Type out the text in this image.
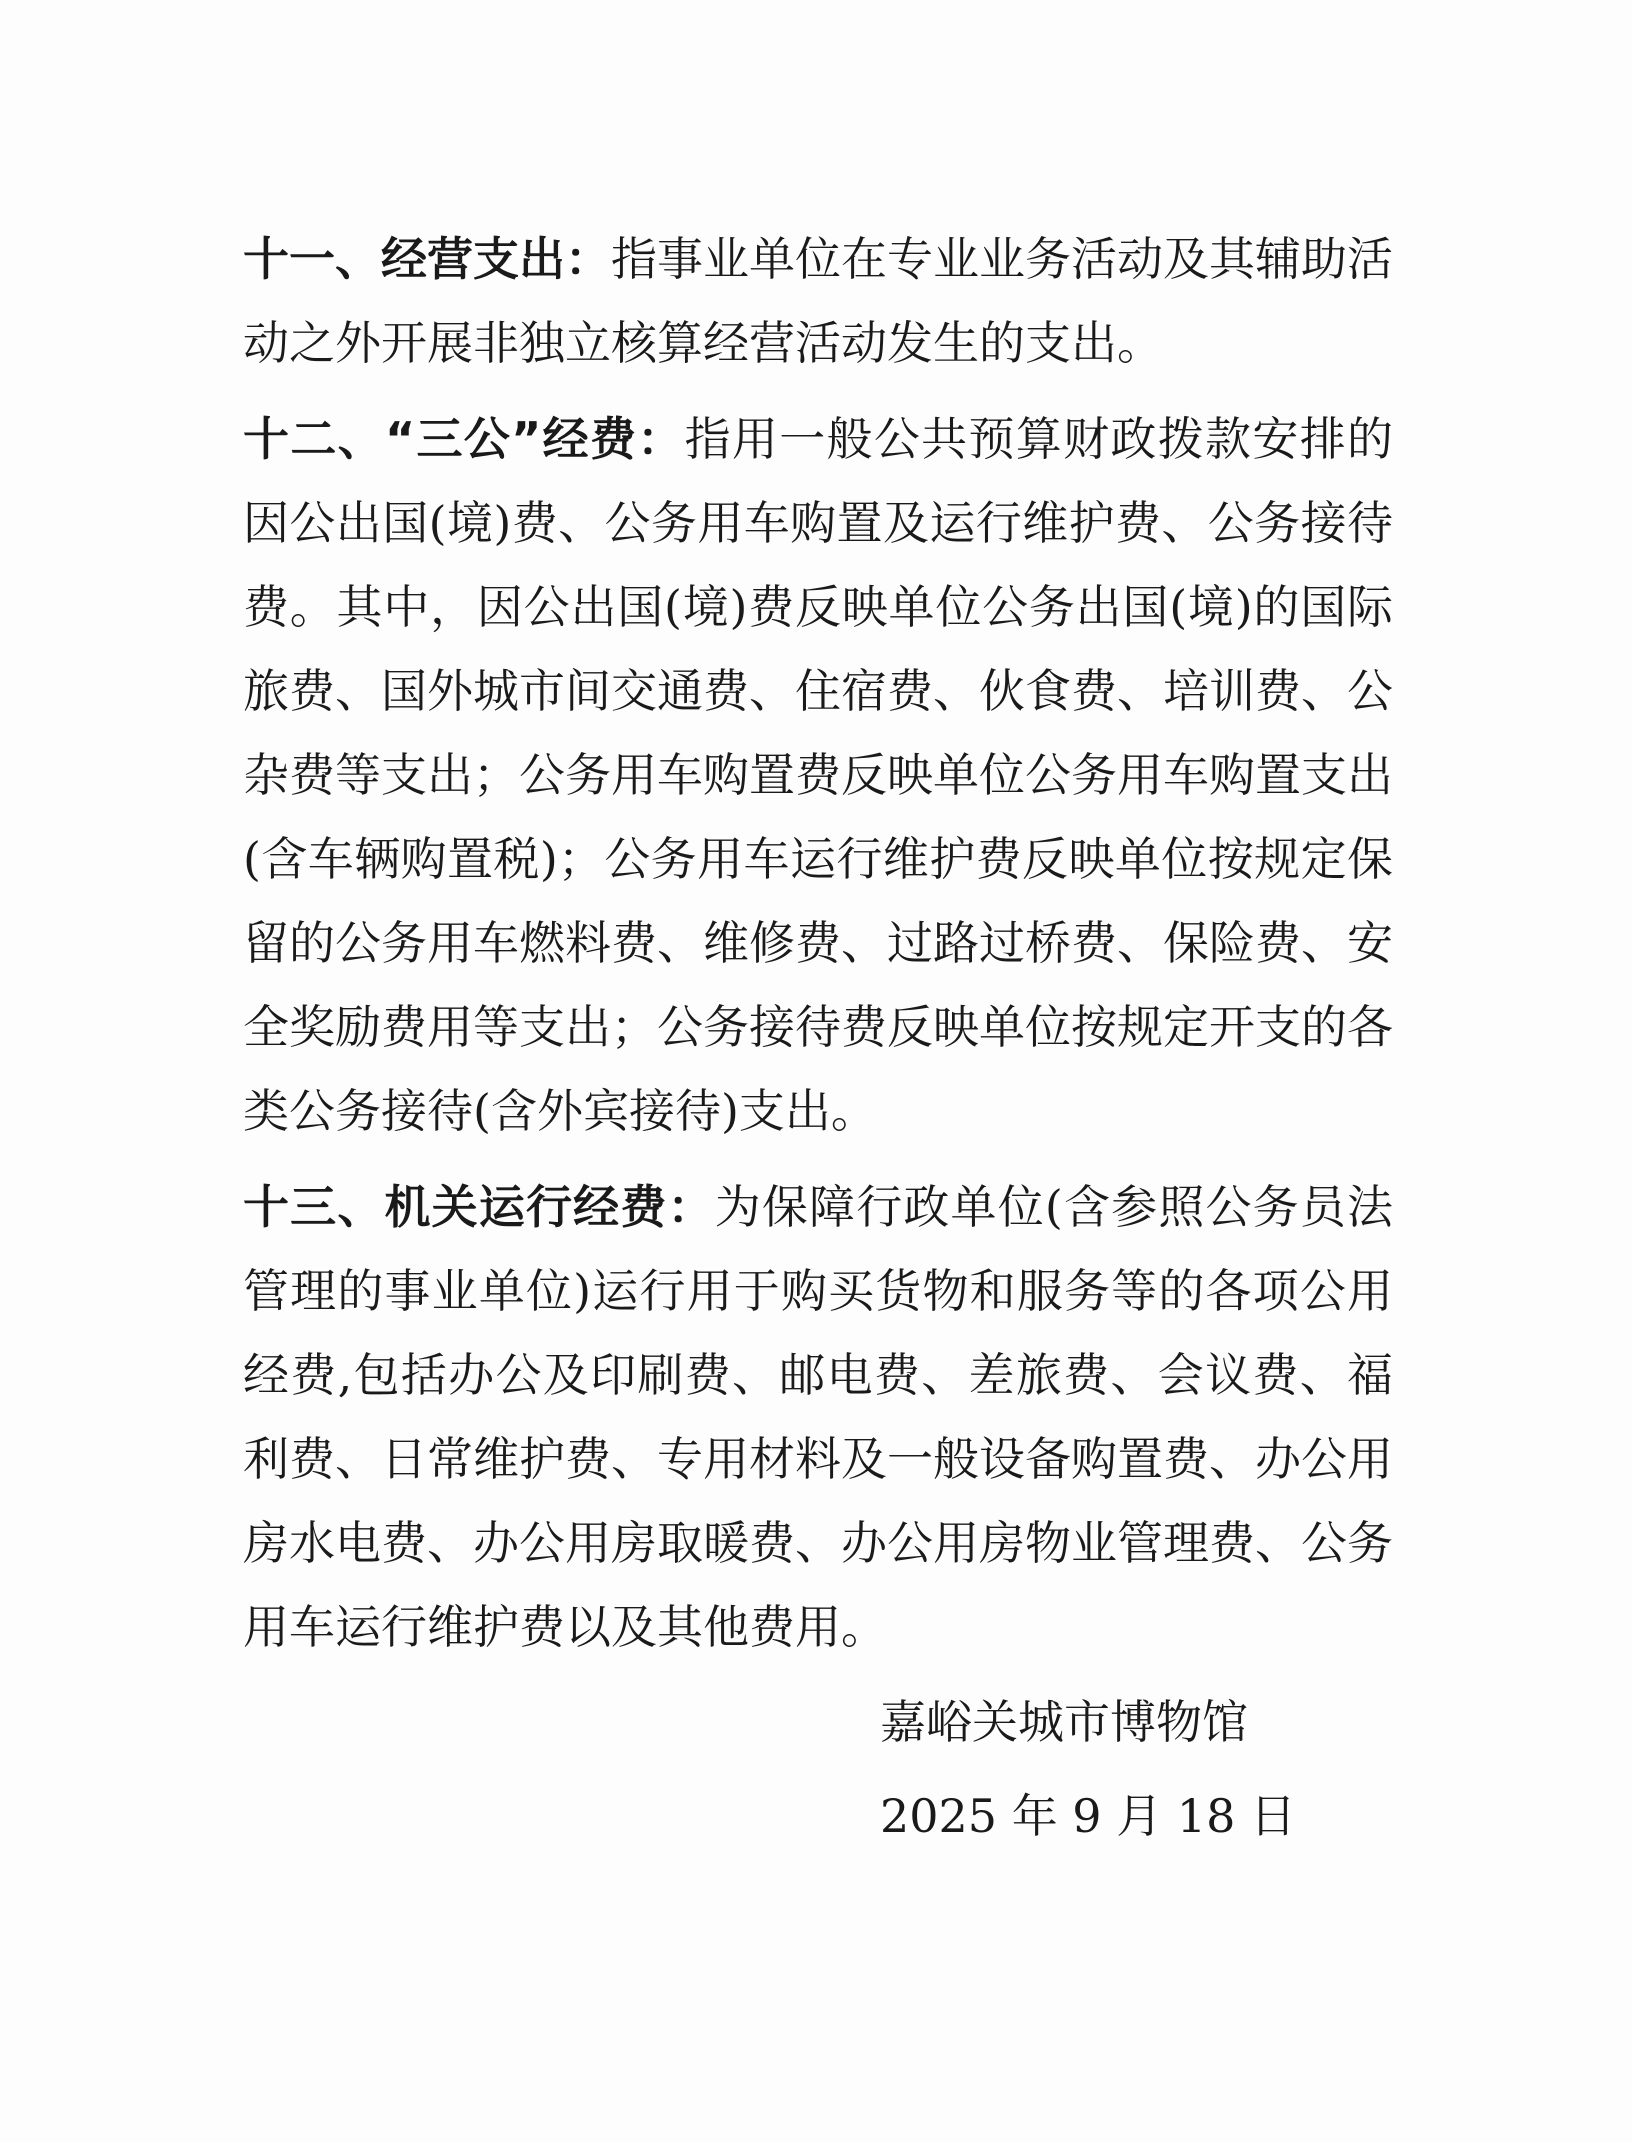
十一、经营支出：指事业单位在专业业务活动及其辅助活动之外开展非独立核算经营活动发生的支出。

十二、“三公”经费：指用一般公共预算财政拨款安排的因公出国(境)费、公务用车购置及运行维护费、公务接待费。其中，因公出国(境)费反映单位公务出国(境)的国际旅费、国外城市间交通费、住宿费、伙食费、培训费、公杂费等支出；公务用车购置费反映单位公务用车购置支出(含车辆购置税)；公务用车运行维护费反映单位按规定保留的公务用车燃料费、维修费、过路过桥费、保险费、安全奖励费用等支出；公务接待费反映单位按规定开支的各类公务接待(含外宾接待)支出。

十三、机关运行经费：为保障行政单位(含参照公务员法管理的事业单位)运行用于购买货物和服务等的各项公用经费,包括办公及印刷费、邮电费、差旅费、会议费、福利费、日常维护费、专用材料及一般设备购置费、办公用房水电费、办公用房取暖费、办公用房物业管理费、公务用车运行维护费以及其他费用。

嘉峪关城市博物馆
2025 年 9 月 18 日
